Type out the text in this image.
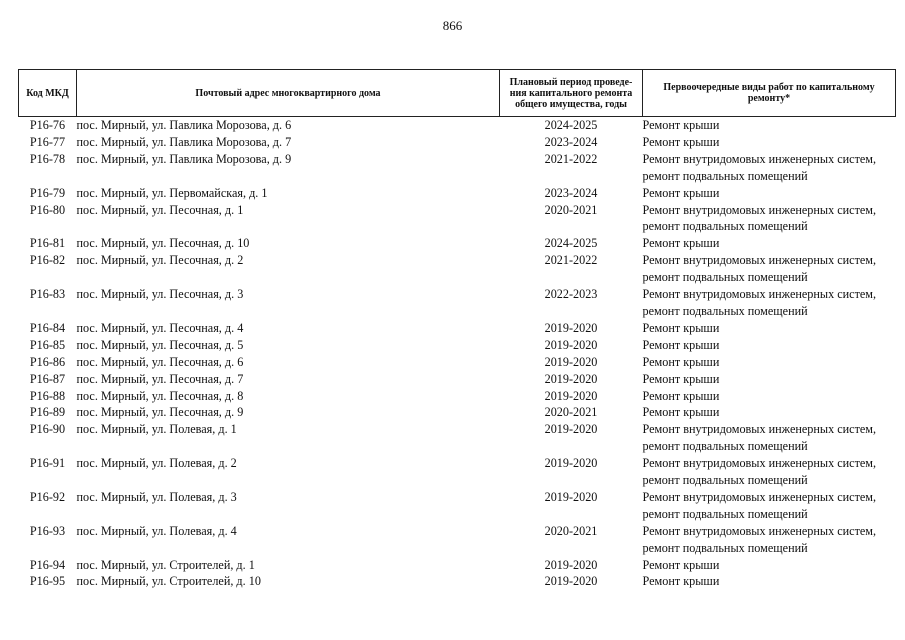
866
Код МКД	Почтовый адрес многоквартирного дома	Плановый период проведе-ния капитального ремонта общего имущества, годы	Первоочередные виды работ по капитальному ремонту*
Р16-76	пос. Мирный, ул. Павлика Морозова, д. 6	2024-2025	Ремонт крыши

Р16-77	пос. Мирный, ул. Павлика Морозова, д. 7	2023-2024	Ремонт крыши

Р16-78	пос. Мирный, ул. Павлика Морозова, д. 9	2021-2022	Ремонт внутридомовых инженерных систем,
ремонт подвальных помещений

Р16-79	пос. Мирный, ул. Первомайская, д. 1	2023-2024	Ремонт крыши

Р16-80	пос. Мирный, ул. Песочная, д. 1	2020-2021	Ремонт внутридомовых инженерных систем,
ремонт подвальных помещений

Р16-81	пос. Мирный, ул. Песочная, д. 10	2024-2025	Ремонт крыши

Р16-82	пос. Мирный, ул. Песочная, д. 2	2021-2022	Ремонт внутридомовых инженерных систем,
ремонт подвальных помещений

Р16-83	пос. Мирный, ул. Песочная, д. 3	2022-2023	Ремонт внутридомовых инженерных систем,
ремонт подвальных помещений

Р16-84	пос. Мирный, ул. Песочная, д. 4	2019-2020	Ремонт крыши

Р16-85	пос. Мирный, ул. Песочная, д. 5	2019-2020	Ремонт крыши

Р16-86	пос. Мирный, ул. Песочная, д. 6	2019-2020	Ремонт крыши

Р16-87	пос. Мирный, ул. Песочная, д. 7	2019-2020	Ремонт крыши

Р16-88	пос. Мирный, ул. Песочная, д. 8	2019-2020	Ремонт крыши

Р16-89	пос. Мирный, ул. Песочная, д. 9	2020-2021	Ремонт крыши

Р16-90	пос. Мирный, ул. Полевая, д. 1	2019-2020	Ремонт внутридомовых инженерных систем,
ремонт подвальных помещений

Р16-91	пос. Мирный, ул. Полевая, д. 2	2019-2020	Ремонт внутридомовых инженерных систем,
ремонт подвальных помещений

Р16-92	пос. Мирный, ул. Полевая, д. 3	2019-2020	Ремонт внутридомовых инженерных систем,
ремонт подвальных помещений

Р16-93	пос. Мирный, ул. Полевая, д. 4	2020-2021	Ремонт внутридомовых инженерных систем,
ремонт подвальных помещений

Р16-94	пос. Мирный, ул. Строителей, д. 1	2019-2020	Ремонт крыши

Р16-95	пос. Мирный, ул. Строителей, д. 10	2019-2020	Ремонт крыши
